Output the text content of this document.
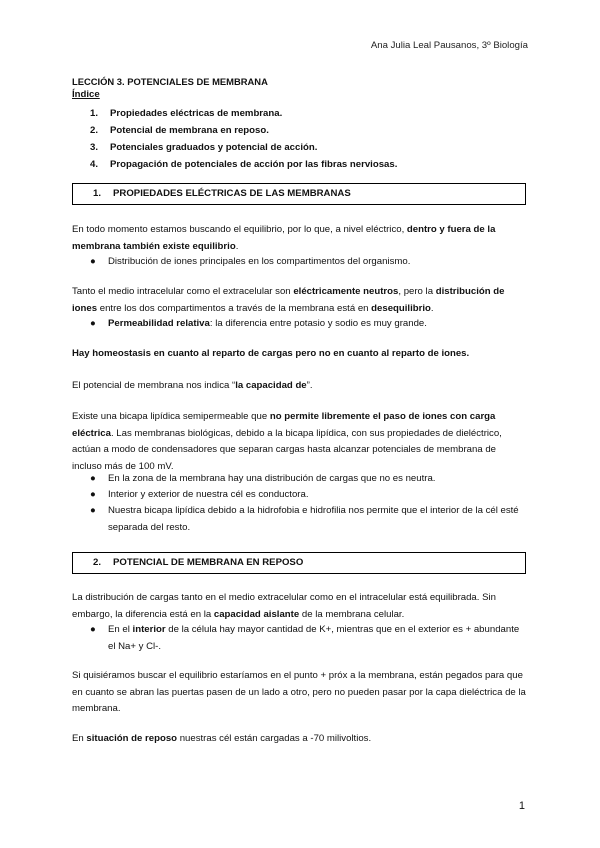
Ana Julia Leal Pausanos, 3º Biología
LECCIÓN 3. POTENCIALES DE MEMBRANA
Índice
1. Propiedades eléctricas de membrana.
2. Potencial de membrana en reposo.
3. Potenciales graduados y potencial de acción.
4. Propagación de potenciales de acción por las fibras nerviosas.
1. PROPIEDADES ELÉCTRICAS DE LAS MEMBRANAS

En todo momento estamos buscando el equilibrio, por lo que, a nivel eléctrico, dentro y fuera de la membrana también existe equilibrio.

● Distribución de iones principales en los compartimentos del organismo.

Tanto el medio intracelular como el extracelular son eléctricamente neutros, pero la distribución de iones entre los dos compartimentos a través de la membrana está en desequilibrio.

● Permeabilidad relativa: la diferencia entre potasio y sodio es muy grande.

Hay homeostasis en cuanto al reparto de cargas pero no en cuanto al reparto de iones.

El potencial de membrana nos indica “la capacidad de”.

Existe una bicapa lipídica semipermeable que no permite libremente el paso de iones con carga eléctrica. Las membranas biológicas, debido a la bicapa lipídica, con sus propiedades de dieléctrico, actúan a modo de condensadores que separan cargas hasta alcanzar potenciales de membrana de incluso más de 100 mV.

● En la zona de la membrana hay una distribución de cargas que no es neutra.
● Interior y exterior de nuestra cél es conductora.
● Nuestra bicapa lipídica debido a la hidrofobia e hidrofilia nos permite que el interior de la cél esté separada del resto.
2. POTENCIAL DE MEMBRANA EN REPOSO

La distribución de cargas tanto en el medio extracelular como en el intracelular está equilibrada. Sin embargo, la diferencia está en la capacidad aislante de la membrana celular.

● En el interior de la célula hay mayor cantidad de K+, mientras que en el exterior es + abundante el Na+ y Cl-.

Si quisiéramos buscar el equilibrio estaríamos en el punto + próx a la membrana, están pegados para que en cuanto se abran las puertas pasen de un lado a otro, pero no pueden pasar por la capa dieléctrica de la membrana.

En situación de reposo nuestras cél están cargadas a -70 milivoltios.

1
